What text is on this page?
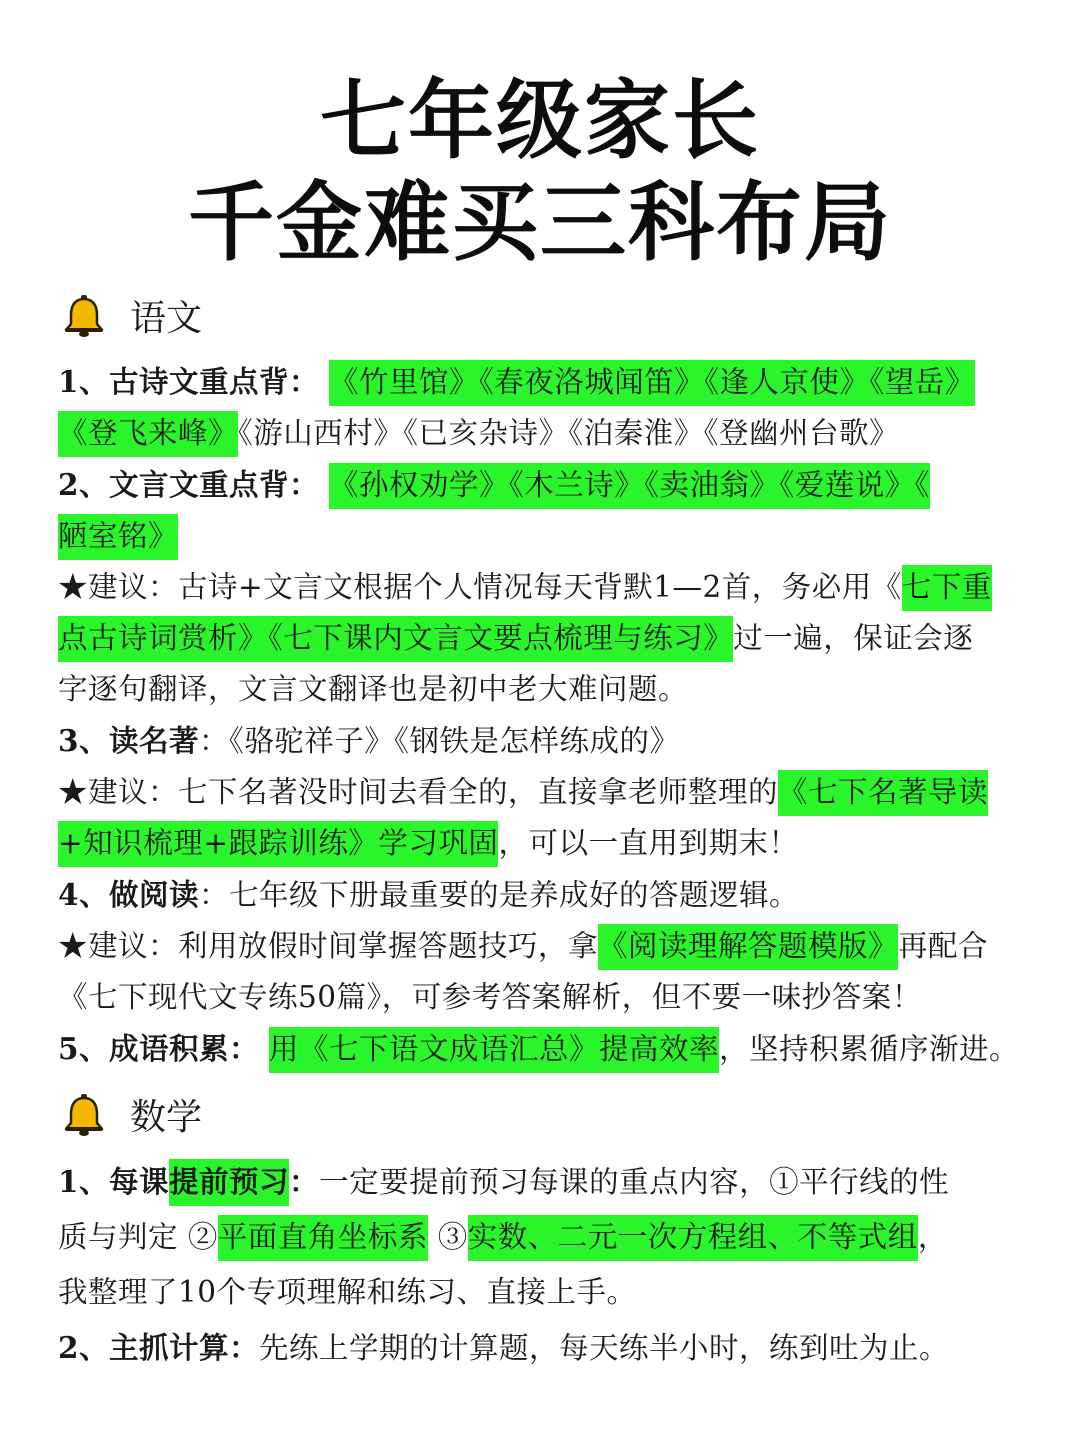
七年级家长
千金难买三科布局
语文
1、古诗文重点背： 《竹里馆》《春夜洛城闻笛》《逢人京使》《望岳》
《登飞来峰》《游山西村》《已亥杂诗》《泊秦淮》《登幽州台歌》
2、文言文重点背： 《孙权劝学》《木兰诗》《卖油翁》《爱莲说》《
陋室铭》
★建议：古诗+文言文根据个人情况每天背默1—2首，务必用《七下重
点古诗词赏析》《七下课内文言文要点梳理与练习》过一遍，保证会逐
字逐句翻译，文言文翻译也是初中老大难问题。
3、读名著：《骆驼祥子》《钢铁是怎样练成的》
★建议：七下名著没时间去看全的，直接拿老师整理的《七下名著导读
+知识梳理+跟踪训练》学习巩固，可以一直用到期末！
4、做阅读：七年级下册最重要的是养成好的答题逻辑。
★建议：利用放假时间掌握答题技巧，拿《阅读理解答题模版》再配合
《七下现代文专练50篇》，可参考答案解析，但不要一味抄答案！
5、成语积累： 用《七下语文成语汇总》提高效率，坚持积累循序渐进。
数学
1、每课提前预习：一定要提前预习每课的重点内容，①平行线的性
质与判定 ②平面直角坐标系 ③实数、二元一次方程组、不等式组，
我整理了10个专项理解和练习、直接上手。
2、主抓计算：先练上学期的计算题，每天练半小时，练到吐为止。
